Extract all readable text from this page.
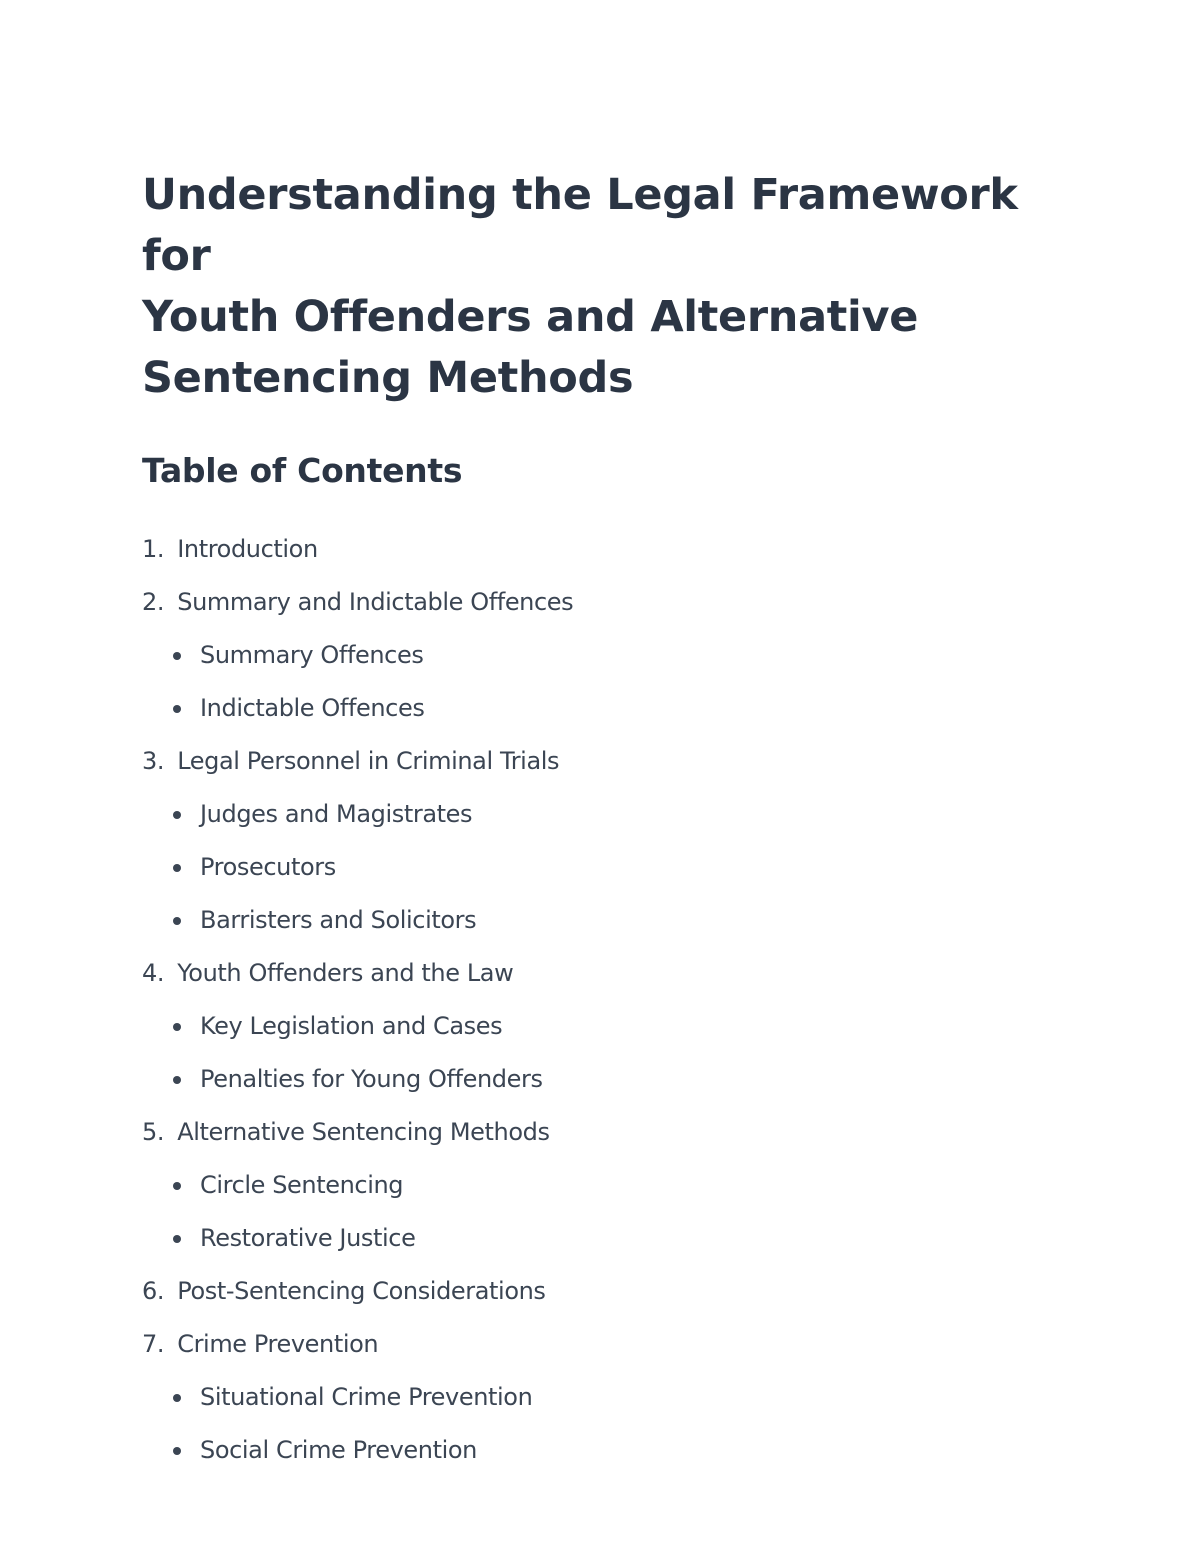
Understanding the Legal Framework for
Youth Offenders and Alternative
Sentencing Methods
Table of Contents
1. Introduction
2. Summary and Indictable Offences
Summary Offences
Indictable Offences
3. Legal Personnel in Criminal Trials
Judges and Magistrates
Prosecutors
Barristers and Solicitors
4. Youth Offenders and the Law
Key Legislation and Cases
Penalties for Young Offenders
5. Alternative Sentencing Methods
Circle Sentencing
Restorative Justice
6. Post-Sentencing Considerations
7. Crime Prevention
Situational Crime Prevention
Social Crime Prevention
